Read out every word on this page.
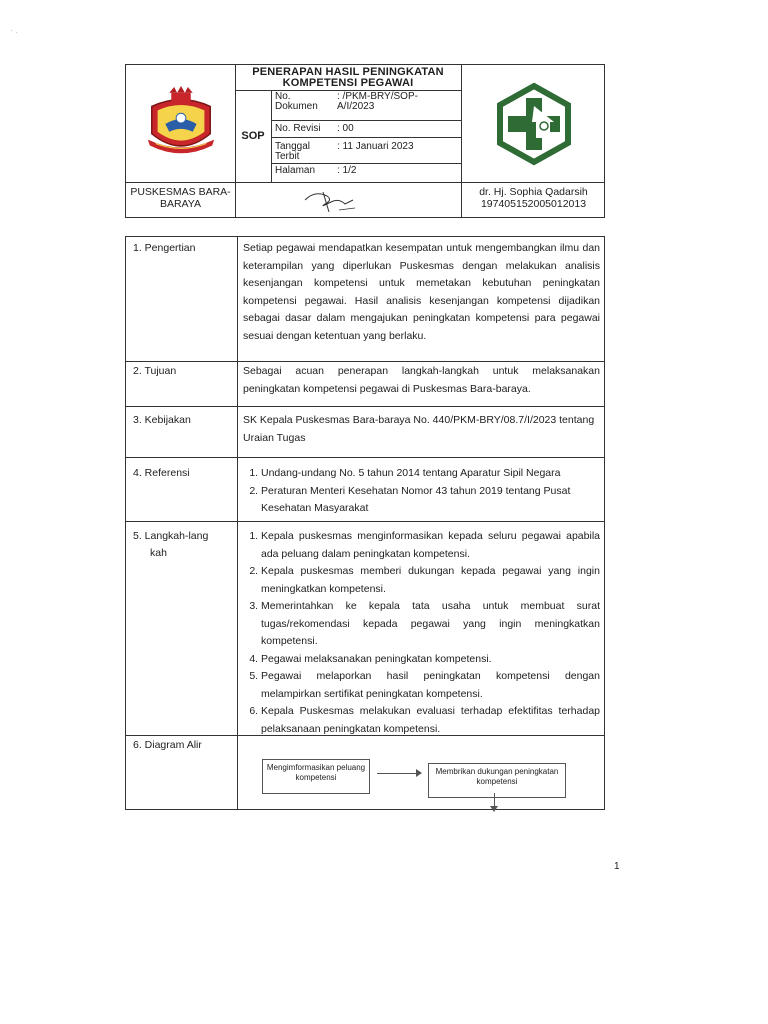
· .
PENERAPAN HASIL PENINGKATAN KOMPETENSI PEGAWAI
SOP
No. Dokumen
: /PKM-BRY/SOP-A/I/2023
No. Revisi : 00
Tanggal Terbit
: 11 Januari 2023
Halaman : 1/2
PUSKESMAS BARA-BARAYA
dr. Hj. Sophia Qadarsih
197405152005012013
1. Pengertian	Setiap pegawai mendapatkan kesempatan untuk mengembangkan ilmu dan keterampilan yang diperlukan Puskesmas dengan melakukan analisis kesenjangan kompetensi untuk memetakan kebutuhan peningkatan kompetensi pegawai. Hasil analisis kesenjangan kompetensi dijadikan sebagai dasar dalam mengajukan peningkatan kompetensi para pegawai sesuai dengan ketentuan yang berlaku.

2. Tujuan	Sebagai acuan penerapan langkah-langkah untuk melaksanakan peningkatan kompetensi pegawai di Puskesmas Bara-baraya.

3. Kebijakan	SK Kepala Puskesmas Bara-baraya No. 440/PKM-BRY/08.7/I/2023 tentang Uraian Tugas

4. Referensi
1.	Undang-undang No. 5 tahun 2014 tentang Aparatur Sipil Negara
2. Peraturan Menteri Kesehatan Nomor 43 tahun 2019 tentang Pusat Kesehatan Masyarakat
5. Langkah-lang
kah
1. Kepala puskesmas menginformasikan kepada seluru pegawai apabila ada peluang dalam peningkatan kompetensi.
2. Kepala puskesmas memberi dukungan kepada pegawai yang ingin meningkatkan kompetensi.
3. Memerintahkan ke kepala tata usaha untuk membuat surat tugas/rekomendasi kepada pegawai yang ingin meningkatkan kompetensi.
4. Pegawai melaksanakan peningkatan kompetensi.
5. Pegawai melaporkan hasil peningkatan kompetensi dengan melampirkan sertifikat peningkatan kompetensi.
6. Kepala Puskesmas melakukan evaluasi terhadap efektifitas terhadap pelaksanaan peningkatan kompetensi.
6. Diagram Alir
Mengimformasikan peluang kompetensi
Membrikan dukungan peningkatan kompetensi
1
